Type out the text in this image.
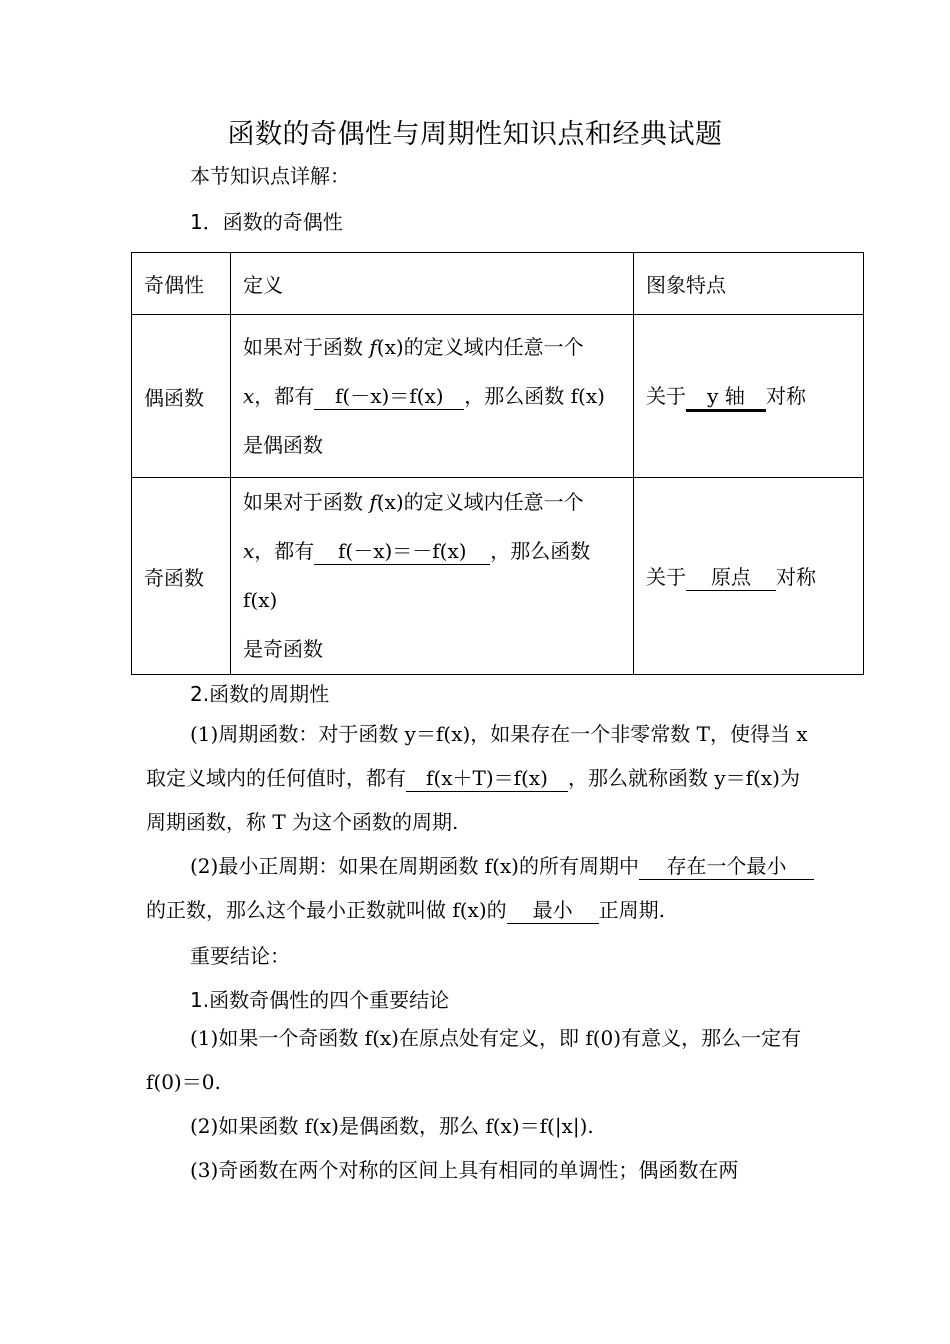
函数的奇偶性与周期性知识点和经典试题
本节知识点详解：
1．函数的奇偶性
奇偶性	定义	图象特点
偶函数	如果对于函数 f(x)的定义域内任意一个
x，都有 f(－x)＝f(x) ，那么函数 f(x)
是偶函数	关于 y 轴 对称
奇函数	如果对于函数 f(x)的定义域内任意一个
x，都有 f(－x)＝－f(x) ，那么函数 f(x)
是奇函数	关于 原点 对称
2.函数的周期性
(1)周期函数：对于函数 y＝f(x)，如果存在一个非零常数 T，使得当 x 取定义域内的任何值时，都有 f(x＋T)＝f(x) ，那么就称函数 y＝f(x)为周期函数，称 T 为这个函数的周期.
(2)最小正周期：如果在周期函数 f(x)的所有周期中 存在一个最小的正数，那么这个最小正数就叫做 f(x)的 最小 正周期.
重要结论：
1.函数奇偶性的四个重要结论
(1)如果一个奇函数 f(x)在原点处有定义，即 f(0)有意义，那么一定有 f(0)＝0.
(2)如果函数 f(x)是偶函数，那么 f(x)＝f(|x|).
(3)奇函数在两个对称的区间上具有相同的单调性；偶函数在两
